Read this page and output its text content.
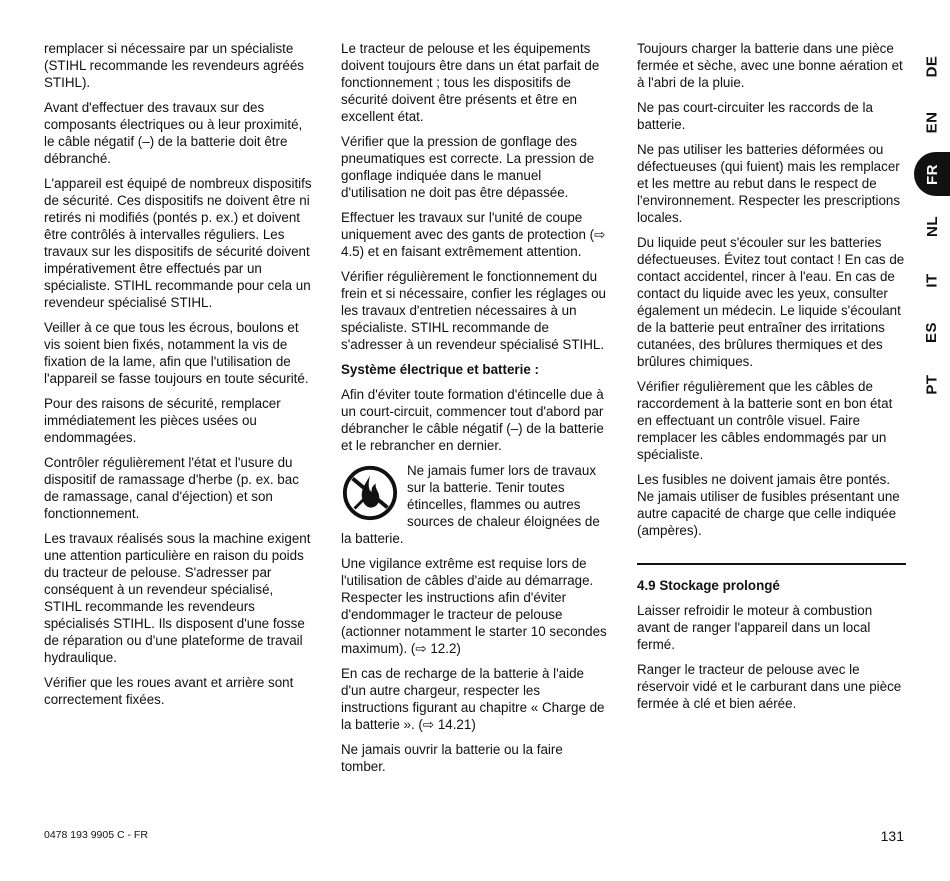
remplacer si nécessaire par un spécialiste (STIHL recommande les revendeurs agréés STIHL).

Avant d'effectuer des travaux sur des composants électriques ou à leur proximité, le câble négatif (–) de la batterie doit être débranché.

L'appareil est équipé de nombreux dispositifs de sécurité. Ces dispositifs ne doivent être ni retirés ni modifiés (pontés p. ex.) et doivent être contrôlés à intervalles réguliers. Les travaux sur les dispositifs de sécurité doivent impérativement être effectués par un spécialiste. STIHL recommande pour cela un revendeur spécialisé STIHL.

Veiller à ce que tous les écrous, boulons et vis soient bien fixés, notamment la vis de fixation de la lame, afin que l'utilisation de l'appareil se fasse toujours en toute sécurité.

Pour des raisons de sécurité, remplacer immédiatement les pièces usées ou endommagées.

Contrôler régulièrement l'état et l'usure du dispositif de ramassage d'herbe (p. ex. bac de ramassage, canal d'éjection) et son fonctionnement.

Les travaux réalisés sous la machine exigent une attention particulière en raison du poids du tracteur de pelouse. S'adresser par conséquent à un revendeur spécialisé, STIHL recommande les revendeurs spécialisés STIHL. Ils disposent d'une fosse de réparation ou d'une plateforme de travail hydraulique.

Vérifier que les roues avant et arrière sont correctement fixées.

Le tracteur de pelouse et les équipements doivent toujours être dans un état parfait de fonctionnement ; tous les dispositifs de sécurité doivent être présents et être en excellent état.

Vérifier que la pression de gonflage des pneumatiques est correcte. La pression de gonflage indiquée dans le manuel d'utilisation ne doit pas être dépassée.

Effectuer les travaux sur l'unité de coupe uniquement avec des gants de protection (⇨ 4.5) et en faisant extrêmement attention.

Vérifier régulièrement le fonctionnement du frein et si nécessaire, confier les réglages ou les travaux d'entretien nécessaires à un spécialiste. STIHL recommande de s'adresser à un revendeur spécialisé STIHL.

Système électrique et batterie :

Afin d'éviter toute formation d'étincelle due à un court-circuit, commencer tout d'abord par débrancher le câble négatif (–) de la batterie et le rebrancher en dernier.

Ne jamais fumer lors de travaux sur la batterie. Tenir toutes étincelles, flammes ou autres sources de chaleur éloignées de la batterie.

Une vigilance extrême est requise lors de l'utilisation de câbles d'aide au démarrage. Respecter les instructions afin d'éviter d'endommager le tracteur de pelouse (actionner notamment le starter 10 secondes maximum). (⇨ 12.2)

En cas de recharge de la batterie à l'aide d'un autre chargeur, respecter les instructions figurant au chapitre « Charge de la batterie ». (⇨ 14.21)

Ne jamais ouvrir la batterie ou la faire tomber.

Toujours charger la batterie dans une pièce fermée et sèche, avec une bonne aération et à l'abri de la pluie.

Ne pas court-circuiter les raccords de la batterie.

Ne pas utiliser les batteries déformées ou défectueuses (qui fuient) mais les remplacer et les mettre au rebut dans le respect de l'environnement. Respecter les prescriptions locales.

Du liquide peut s'écouler sur les batteries défectueuses. Évitez tout contact ! En cas de contact accidentel, rincer à l'eau. En cas de contact du liquide avec les yeux, consulter également un médecin. Le liquide s'écoulant de la batterie peut entraîner des irritations cutanées, des brûlures thermiques et des brûlures chimiques.

Vérifier régulièrement que les câbles de raccordement à la batterie sont en bon état en effectuant un contrôle visuel. Faire remplacer les câbles endommagés par un spécialiste.

Les fusibles ne doivent jamais être pontés. Ne jamais utiliser de fusibles présentant une autre capacité de charge que celle indiquée (ampères).

4.9 Stockage prolongé

Laisser refroidir le moteur à combustion avant de ranger l'appareil dans un local fermé.

Ranger le tracteur de pelouse avec le réservoir vidé et le carburant dans une pièce fermée à clé et bien aérée.

DE
EN
FR
NL
IT
ES
PT
0478 193 9905 C - FR	131
